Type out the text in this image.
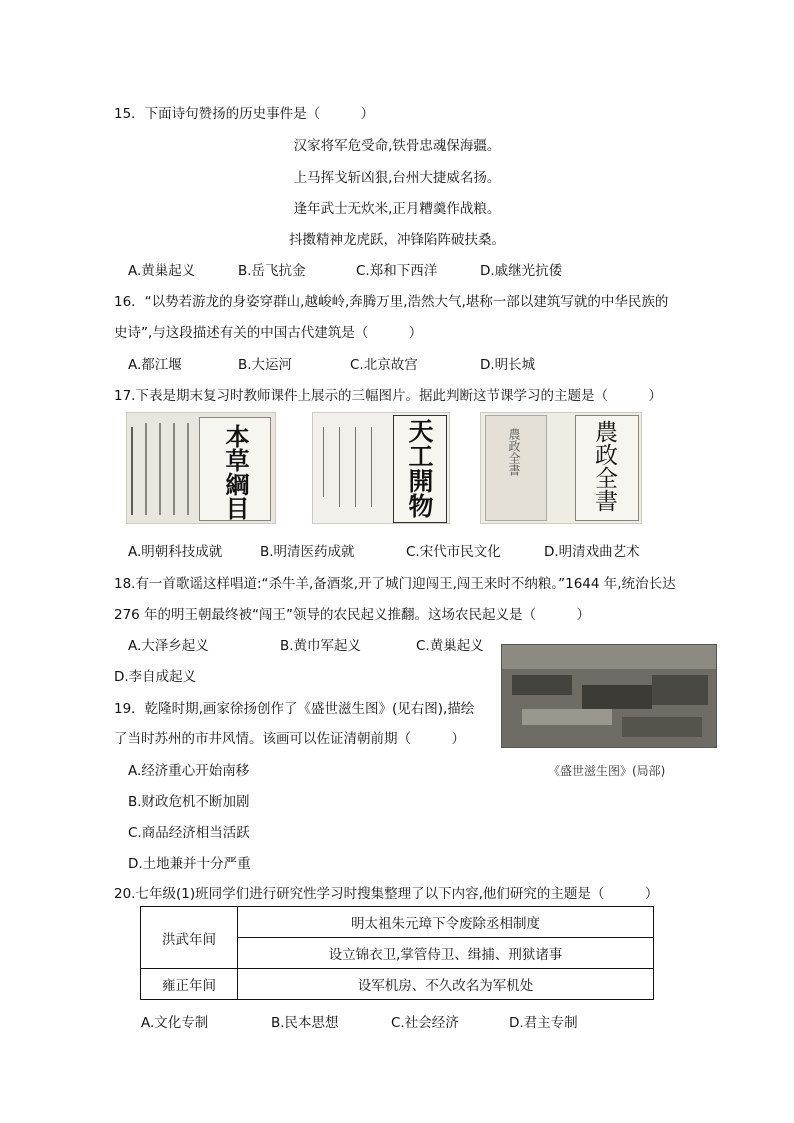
15．下面诗句赞扬的历史事件是（　　　）
汉家将军危受命,铁骨忠魂保海疆。
上马挥戈斩凶狠,台州大捷威名扬。
逢年武士无炊米,正月糟羹作战粮。
抖擞精神龙虎跃，冲锋陷阵破扶桑。
A.黄巢起义	B.岳飞抗金	C.郑和下西洋	D.戚继光抗倭
16．“以势若游龙的身姿穿群山,越峻岭,奔腾万里,浩然大气,堪称一部以建筑写就的中华民族的
史诗”,与这段描述有关的中国古代建筑是（　　　）
A.都江堰	B.大运河	C.北京故宫	D.明长城
17.下表是期末复习时教师课件上展示的三幅图片。据此判断这节课学习的主题是（　　　）
本草綱目	天工開物	農政全書	農政全書
A.明朝科技成就	B.明清医药成就	C.宋代市民文化	D.明清戏曲艺术
18.有一首歌谣这样唱道:“杀牛羊,备酒浆,开了城门迎闯王,闯王来时不纳粮。”1644 年,统治长达
276 年的明王朝最终被“闯王”领导的农民起义推翻。这场农民起义是（　　　）
A.大泽乡起义	B.黄巾军起义	C.黄巢起义
D.李自成起义
《盛世滋生图》(局部)
19．乾隆时期,画家徐扬创作了《盛世滋生图》(见右图),描绘
了当时苏州的市井风情。该画可以佐证清朝前期（　　　）
A.经济重心开始南移
B.财政危机不断加剧
C.商品经济相当活跃
D.土地兼并十分严重
20.七年级(1)班同学们进行研究性学习时搜集整理了以下内容,他们研究的主题是（　　　）
洪武年间	明太祖朱元璋下令废除丞相制度
	设立锦衣卫,掌管侍卫、缉捕、刑狱诸事
雍正年间	设军机房、不久改名为军机处
A.文化专制	B.民本思想	C.社会经济	D.君主专制
